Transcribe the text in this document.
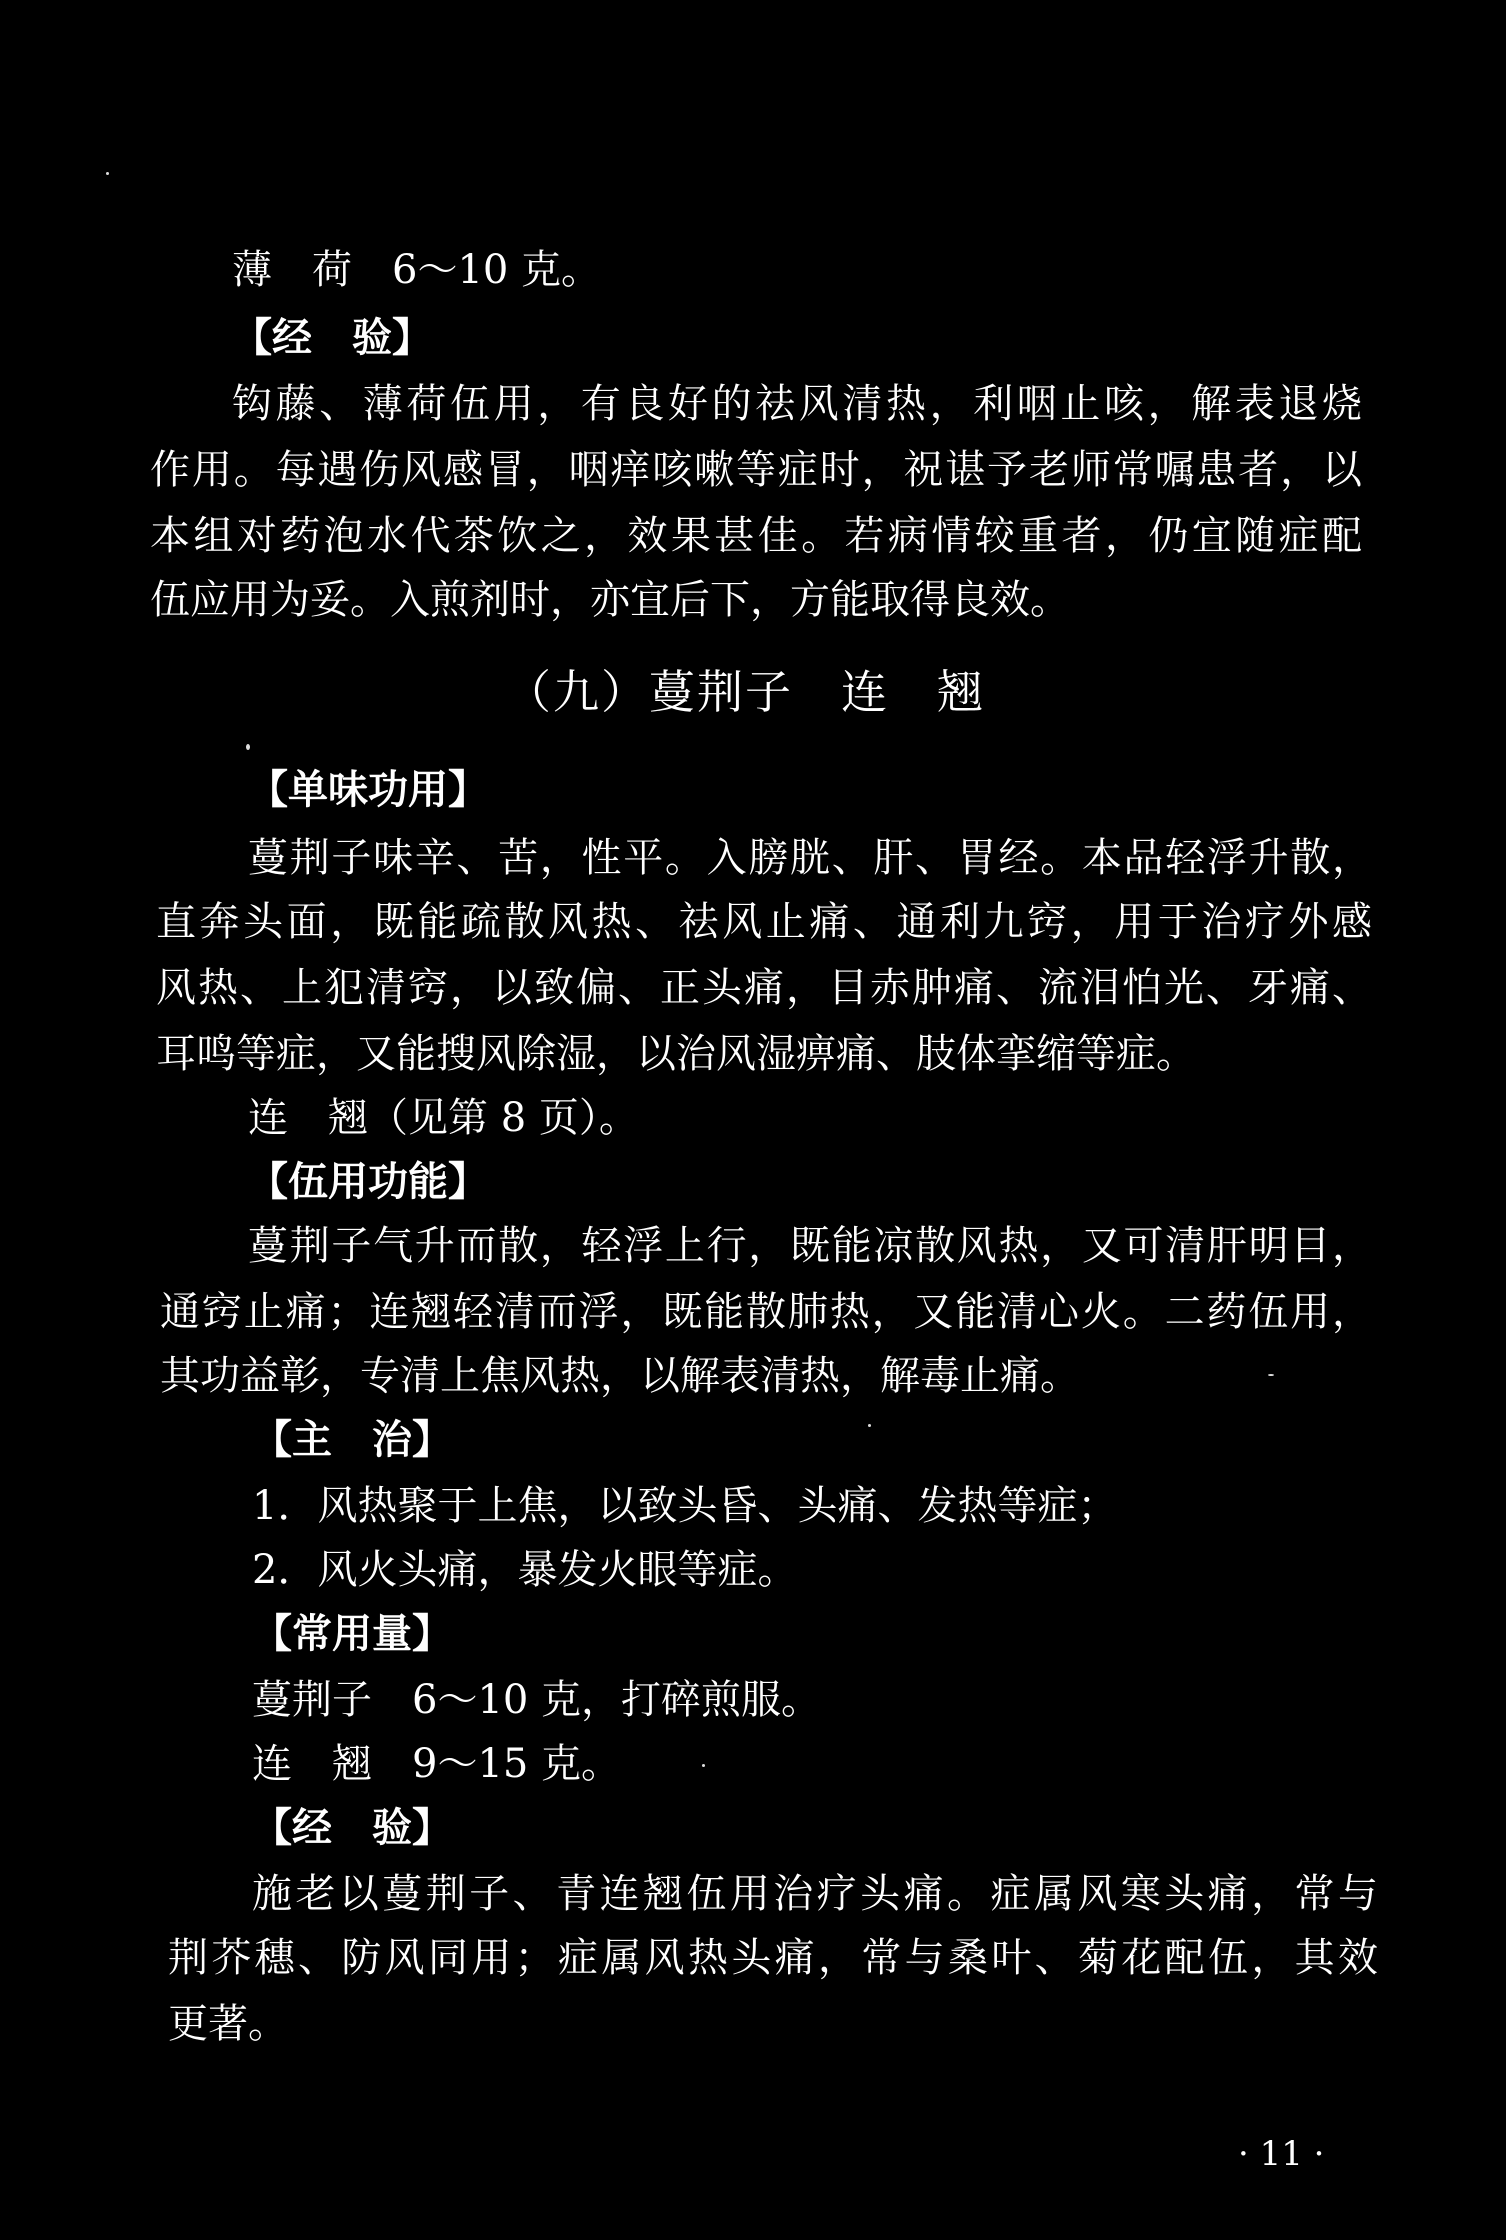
薄　荷　6～10 克。
【经　验】
钩藤、薄荷伍用，有良好的祛风清热，利咽止咳，解表退烧
作用。每遇伤风感冒，咽痒咳嗽等症时，祝谌予老师常嘱患者，以
本组对药泡水代茶饮之，效果甚佳。若病情较重者，仍宜随症配
伍应用为妥。入煎剂时，亦宜后下，方能取得良效。
（九）蔓荆子　连　翘
【单味功用】
蔓荆子味辛、苦，性平。入膀胱、肝、胃经。本品轻浮升散，
直奔头面，既能疏散风热、祛风止痛、通利九窍，用于治疗外感
风热、上犯清窍，以致偏、正头痛，目赤肿痛、流泪怕光、牙痛、
耳鸣等症，又能搜风除湿，以治风湿痹痛、肢体挛缩等症。
连　翘（见第 8 页）。
【伍用功能】
蔓荆子气升而散，轻浮上行，既能凉散风热，又可清肝明目，
通窍止痛；连翘轻清而浮，既能散肺热，又能清心火。二药伍用，
其功益彰，专清上焦风热，以解表清热，解毒止痛。
【主　治】
1．风热聚于上焦，以致头昏、头痛、发热等症；
2．风火头痛，暴发火眼等症。
【常用量】
蔓荆子　6～10 克，打碎煎服。
连　翘　9～15 克。
【经　验】
施老以蔓荆子、青连翘伍用治疗头痛。症属风寒头痛，常与
荆芥穗、防风同用；症属风热头痛，常与桑叶、菊花配伍，其效
更著。
· 11 ·
